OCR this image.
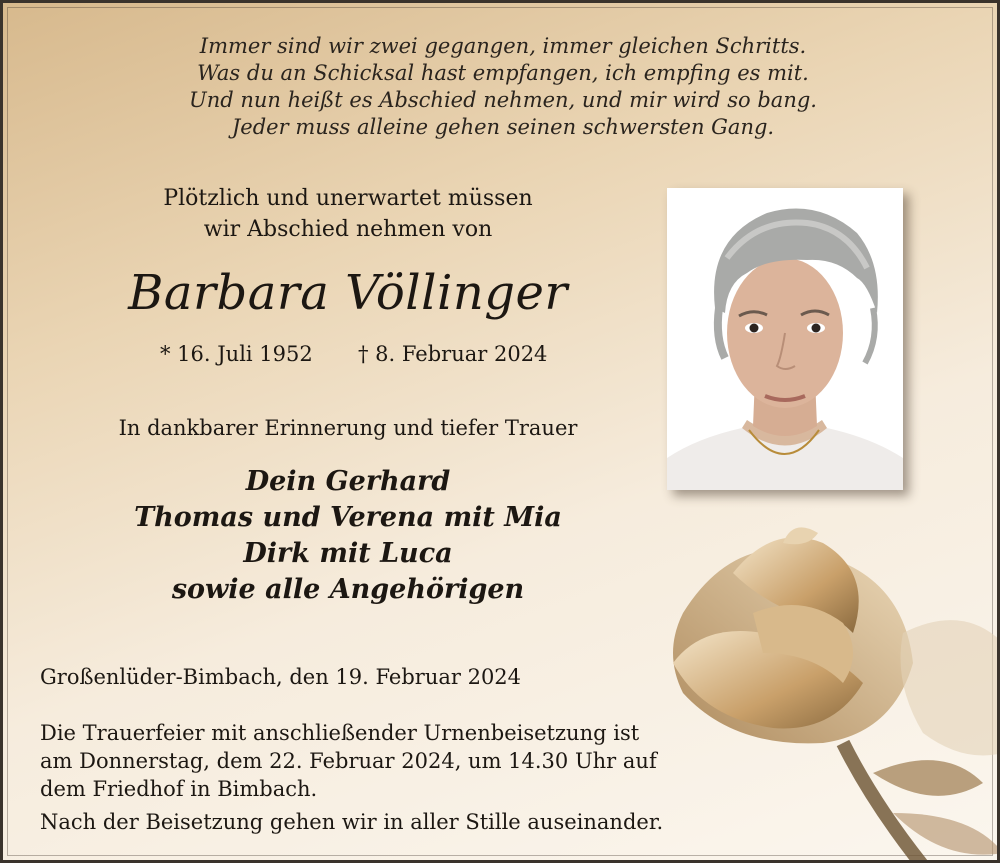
Immer sind wir zwei gegangen, immer gleichen Schritts.
Was du an Schicksal hast empfangen, ich empfing es mit.
Und nun heißt es Abschied nehmen, und mir wird so bang.
Jeder muss alleine gehen seinen schwersten Gang.
Plötzlich und unerwartet müssen
wir Abschied nehmen von
Barbara Völlinger
* 16. Juli 1952 † 8. Februar 2024
In dankbarer Erinnerung und tiefer Trauer
Dein Gerhard
Thomas und Verena mit Mia
Dirk mit Luca
sowie alle Angehörigen
Großenlüder-Bimbach, den 19. Februar 2024
Die Trauerfeier mit anschließender Urnenbeisetzung ist
am Donnerstag, dem 22. Februar 2024, um 14.30 Uhr auf
dem Friedhof in Bimbach.
Nach der Beisetzung gehen wir in aller Stille auseinander.
